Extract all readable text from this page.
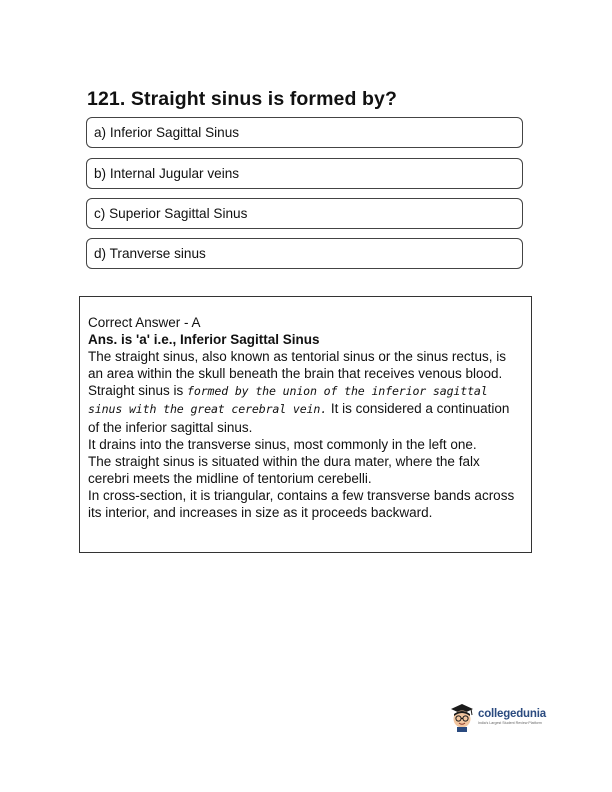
121. Straight sinus is formed by?
a) Inferior Sagittal Sinus
b) Internal Jugular veins
c) Superior Sagittal Sinus
d) Tranverse sinus

Correct Answer - A

Ans. is 'a' i.e., Inferior Sagittal Sinus

The straight sinus, also known as tentorial sinus or the sinus rectus, is an area within the skull beneath the brain that receives venous blood.

Straight sinus is formed by the union of the inferior sagittal sinus with the great cerebral vein. It is considered a continuation of the inferior sagittal sinus.

It drains into the transverse sinus, most commonly in the left one.

The straight sinus is situated within the dura mater, where the falx cerebri meets the midline of tentorium cerebelli.

In cross-section, it is triangular, contains a few transverse bands across its interior, and increases in size as it proceeds backward.

collegedunia
India's Largest Student Review Platform
